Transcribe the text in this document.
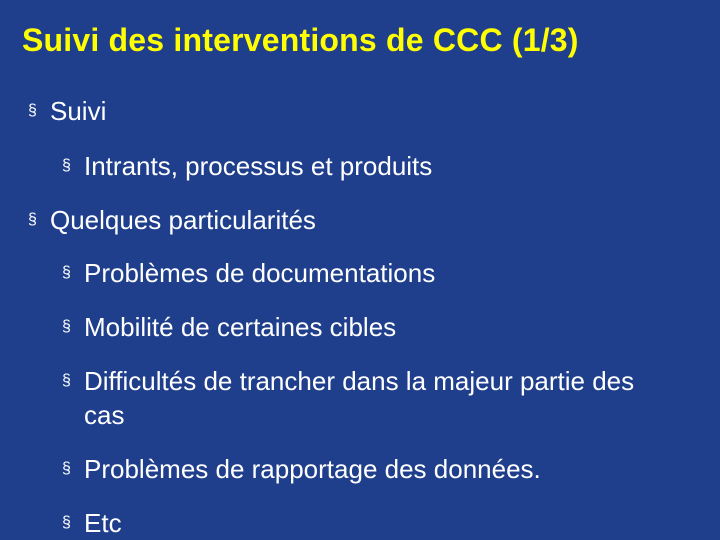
Suivi des interventions de CCC (1/3)
§ Suivi
§ Intrants, processus et produits
§ Quelques particularités
§ Problèmes de documentations
§ Mobilité de certaines cibles
§ Difficultés de trancher dans la majeur partie des cas
§ Problèmes de rapportage des données.
§ Etc
